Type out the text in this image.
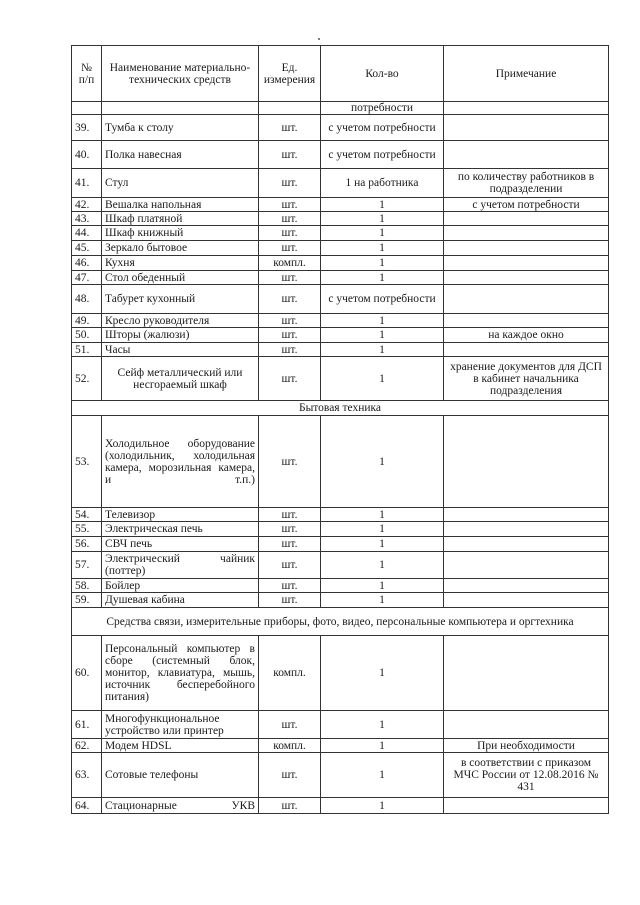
№ п/п	Наименование материально-технических средств	Ед. измерения	Кол-во	Примечание
			потребности	
39.	Тумба к столу	шт.	с учетом потребности	
40.	Полка навесная	шт.	с учетом потребности	
41.	Стул	шт.	1 на работника	по количеству работников в подразделении
42.	Вешалка напольная	шт.	1	с учетом потребности
43.	Шкаф платяной	шт.	1	
44.	Шкаф книжный	шт.	1	
45.	Зеркало бытовое	шт.	1	
46.	Кухня	компл.	1	
47.	Стол обеденный	шт.	1	
48.	Табурет кухонный	шт.	с учетом потребности	
49.	Кресло руководителя	шт.	1	
50.	Шторы (жалюзи)	шт.	1	на каждое окно
51.	Часы	шт.	1	
52.	Сейф металлический или несгораемый шкаф	шт.	1	хранение документов для ДСП в кабинет начальника подразделения
Бытовая техника				
53.	Холодильное оборудование (холодильник, холодильная камера, морозильная камера, и т.п.)	шт.	1	
54.	Телевизор	шт.	1	
55.	Электрическая печь	шт.	1	
56.	СВЧ печь	шт.	1	
57.	Электрический чайник (поттер)	шт.	1	
58.	Бойлер	шт.	1	
59.	Душевая кабина	шт.	1	
Средства связи, измерительные приборы, фото, видео, персональные компьютера и оргтехника				
60.	Персональный компьютер в сборе (системный блок, монитор, клавиатура, мышь, источник бесперебойного питания)	компл.	1	
61.	Многофункциональное устройство или принтер	шт.	1	
62.	Модем HDSL	компл.	1	При необходимости
63.	Сотовые телефоны	шт.	1	в соответствии с приказом МЧС России от 12.08.2016 № 431
64.	Стационарные УКВ	шт.	1	
